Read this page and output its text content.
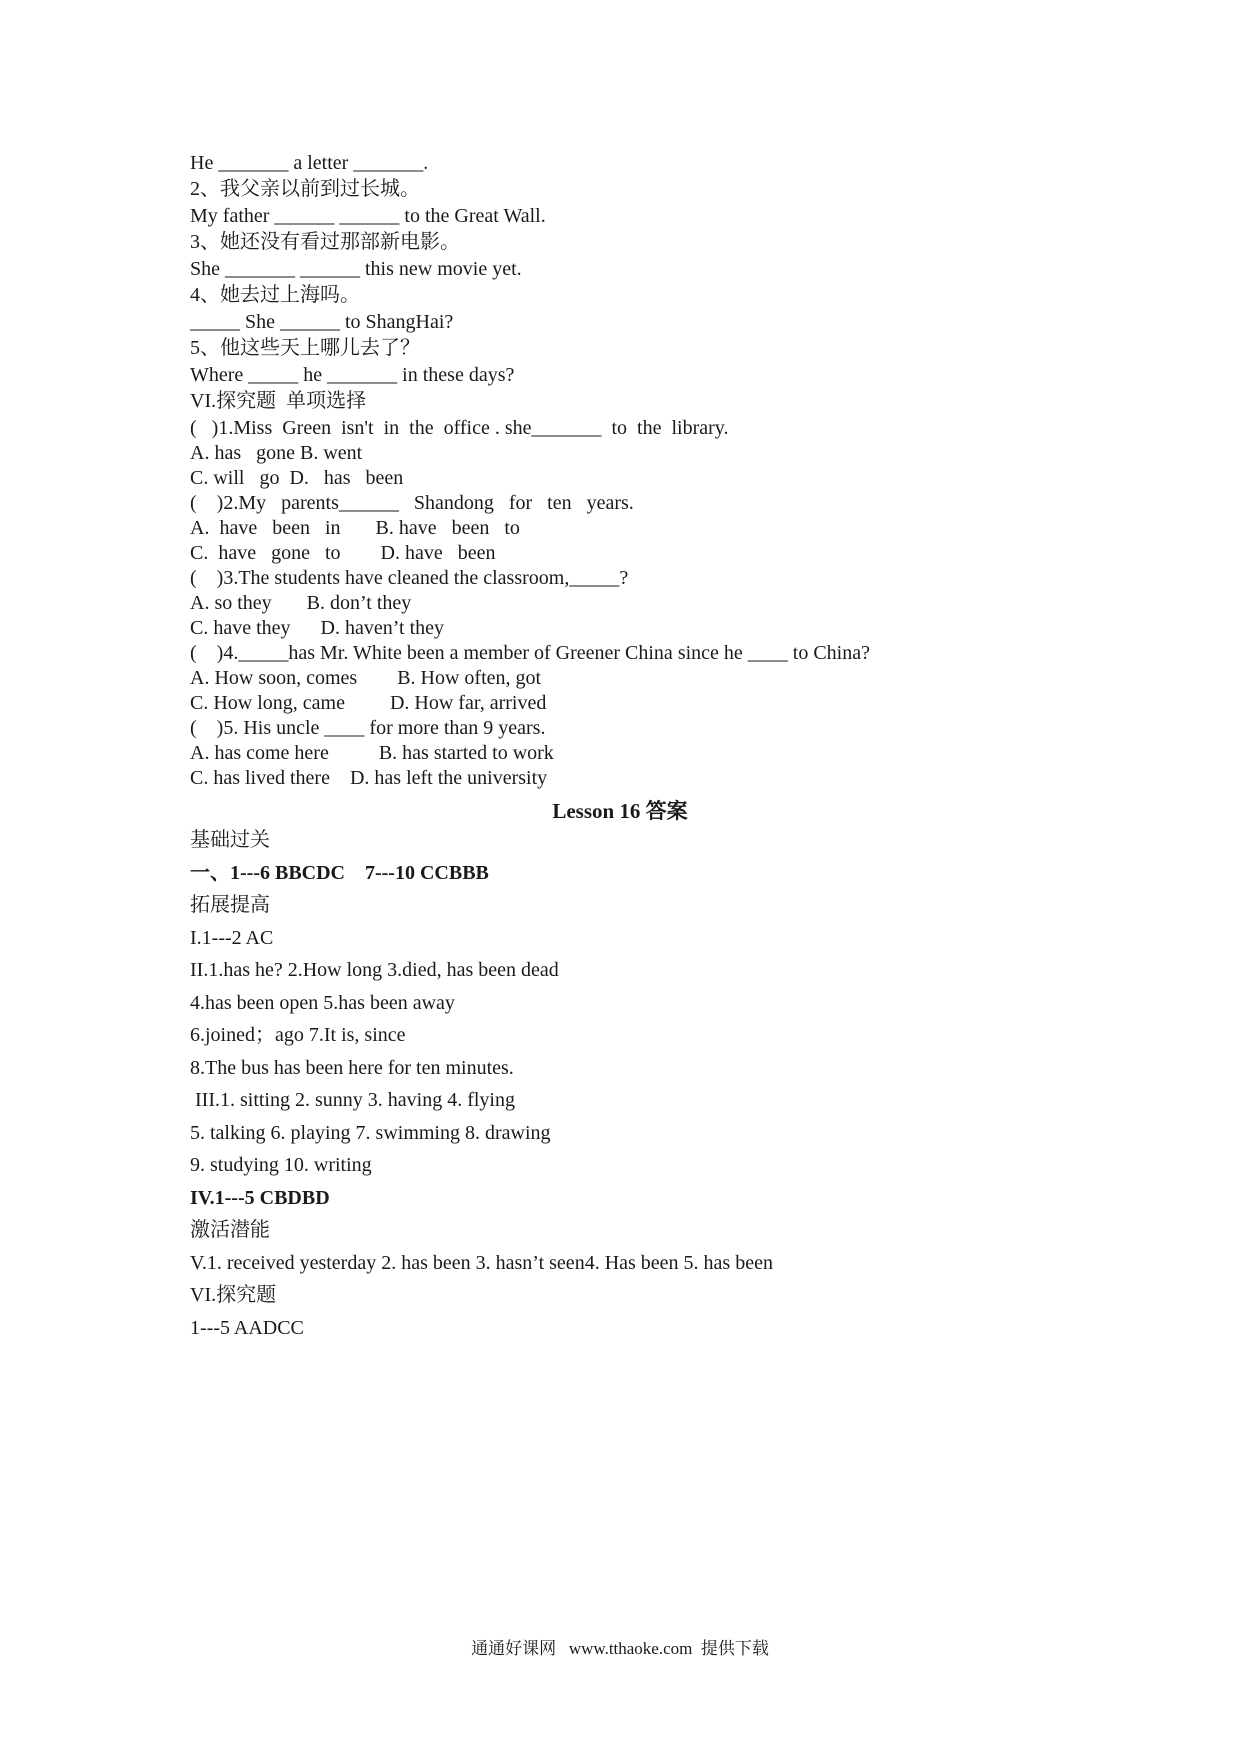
He _______ a letter _______.
2、我父亲以前到过长城。
My father ______ ______ to the Great Wall.
3、她还没有看过那部新电影。
She _______ ______ this new movie yet.
4、她去过上海吗。
_____ She ______ to ShangHai?
5、他这些天上哪儿去了？
Where _____ he _______ in these days?
VI.探究题  单项选择
(   )1.Miss  Green  isn't  in  the  office . she_______  to  the  library.
A. has   gone B. went
C. will   go  D.   has   been
(    )2.My   parents______   Shandong   for   ten   years.
A.  have   been   in       B. have   been   to
C.  have   gone   to        D. have   been
(    )3.The students have cleaned the classroom,_____?
A. so they       B. don’t they
C. have they      D. haven’t they
(    )4._____has Mr. White been a member of Greener China since he ____ to China?
A. How soon, comes        B. How often, got
C. How long, came         D. How far, arrived
(    )5. His uncle ____ for more than 9 years.
A. has come here          B. has started to work
C. has lived there    D. has left the university
Lesson 16 答案
基础过关
一、1---6 BBCDC    7---10 CCBBB
拓展提高
I.1---2 AC
II.1.has he? 2.How long 3.died, has been dead
4.has been open 5.has been away
6.joined；ago 7.It is, since
8.The bus has been here for ten minutes.
III.1. sitting 2. sunny 3. having 4. flying
5. talking 6. playing 7. swimming 8. drawing
9. studying 10. writing
IV.1---5 CBDBD
激活潜能
V.1. received yesterday 2. has been 3. hasn’t seen4. Has been 5. has been
VI.探究题
1---5 AADCC
通通好课网   www.tthaoke.com  提供下载
